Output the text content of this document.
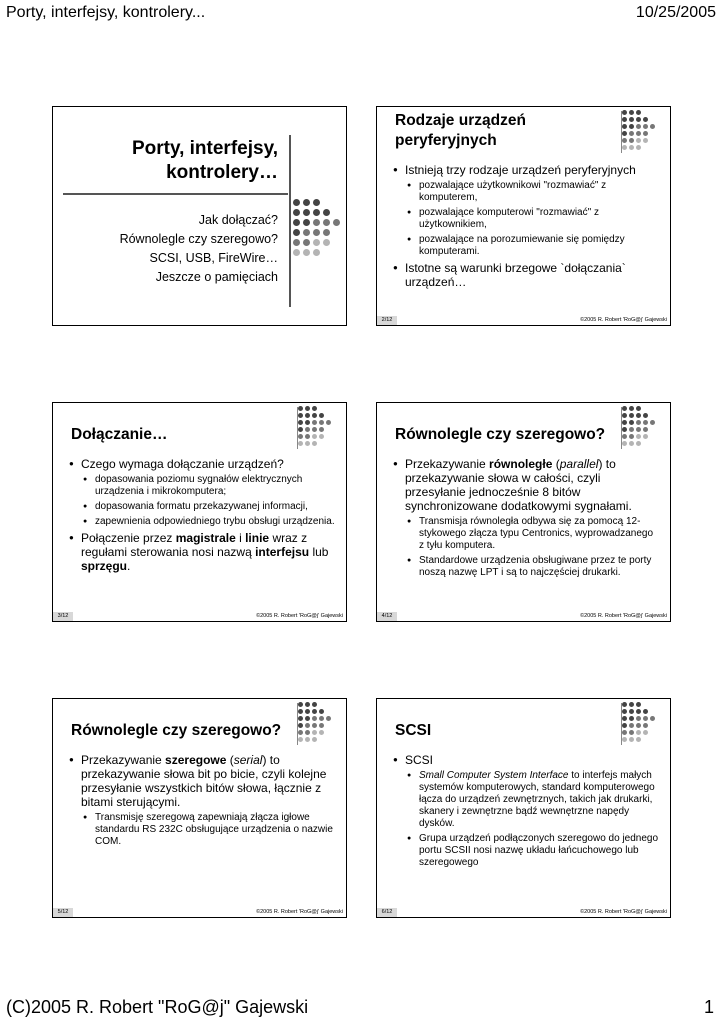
Porty, interfejsy, kontrolery...	10/25/2005
Porty, interfejsy,
kontrolery…
Jak dołączać?
Równolegle czy szeregowo?
SCSI, USB, FireWire…
Jeszcze o pamięciach
Rodzaje urządzeń peryferyjnych
● Istnieją trzy rodzaje urządzeń peryferyjnych
● pozwalające użytkownikowi "rozmawiać" z komputerem,
● pozwalające komputerowi "rozmawiać" z użytkownikiem,
● pozwalające na porozumiewanie się pomiędzy komputerami.
● Istotne są warunki brzegowe `dołączania` urządzeń…
2/12	©2005 R. Robert 'RoG@j' Gajewski
Dołączanie…
● Czego wymaga dołączanie urządzeń?
● dopasowania poziomu sygnałów elektrycznych urządzenia i mikrokomputera;
● dopasowania formatu przekazywanej informacji,
● zapewnienia odpowiedniego trybu obsługi urządzenia.
● Połączenie przez magistrale i linie wraz z regułami sterowania nosi nazwą interfejsu lub sprzęgu.
3/12	©2005 R. Robert 'RoG@j' Gajewski
Równolegle czy szeregowo?
● Przekazywanie równoległe (parallel) to przekazywanie słowa w całości, czyli przesyłanie jednocześnie 8 bitów synchronizowane dodatkowymi sygnałami.
● Transmisja równoległa odbywa się za pomocą 12-stykowego złącza typu Centronics, wyprowadzanego z tyłu komputera.
● Standardowe urządzenia obsługiwane przez te porty noszą nazwę LPT i są to najczęściej drukarki.
4/12	©2005 R. Robert 'RoG@j' Gajewski
Równolegle czy szeregowo?
● Przekazywanie szeregowe (serial) to przekazywanie słowa bit po bicie, czyli kolejne przesyłanie wszystkich bitów słowa, łącznie z bitami sterującymi.
● Transmisję szeregową zapewniają złącza igłowe standardu RS 232C obsługujące urządzenia o nazwie COM.
5/12	©2005 R. Robert 'RoG@j' Gajewski
SCSI
● SCSI
● Small Computer System Interface to interfejs małych systemów komputerowych, standard komputerowego łącza do urządzeń zewnętrznych, takich jak drukarki, skanery i zewnętrzne bądź wewnętrzne napędy dysków.
● Grupa urządzeń podłączonych szeregowo do jednego portu SCSII nosi nazwę układu łańcuchowego lub szeregowego
6/12	©2005 R. Robert 'RoG@j' Gajewski
(C)2005 R. Robert "RoG@j" Gajewski	1
